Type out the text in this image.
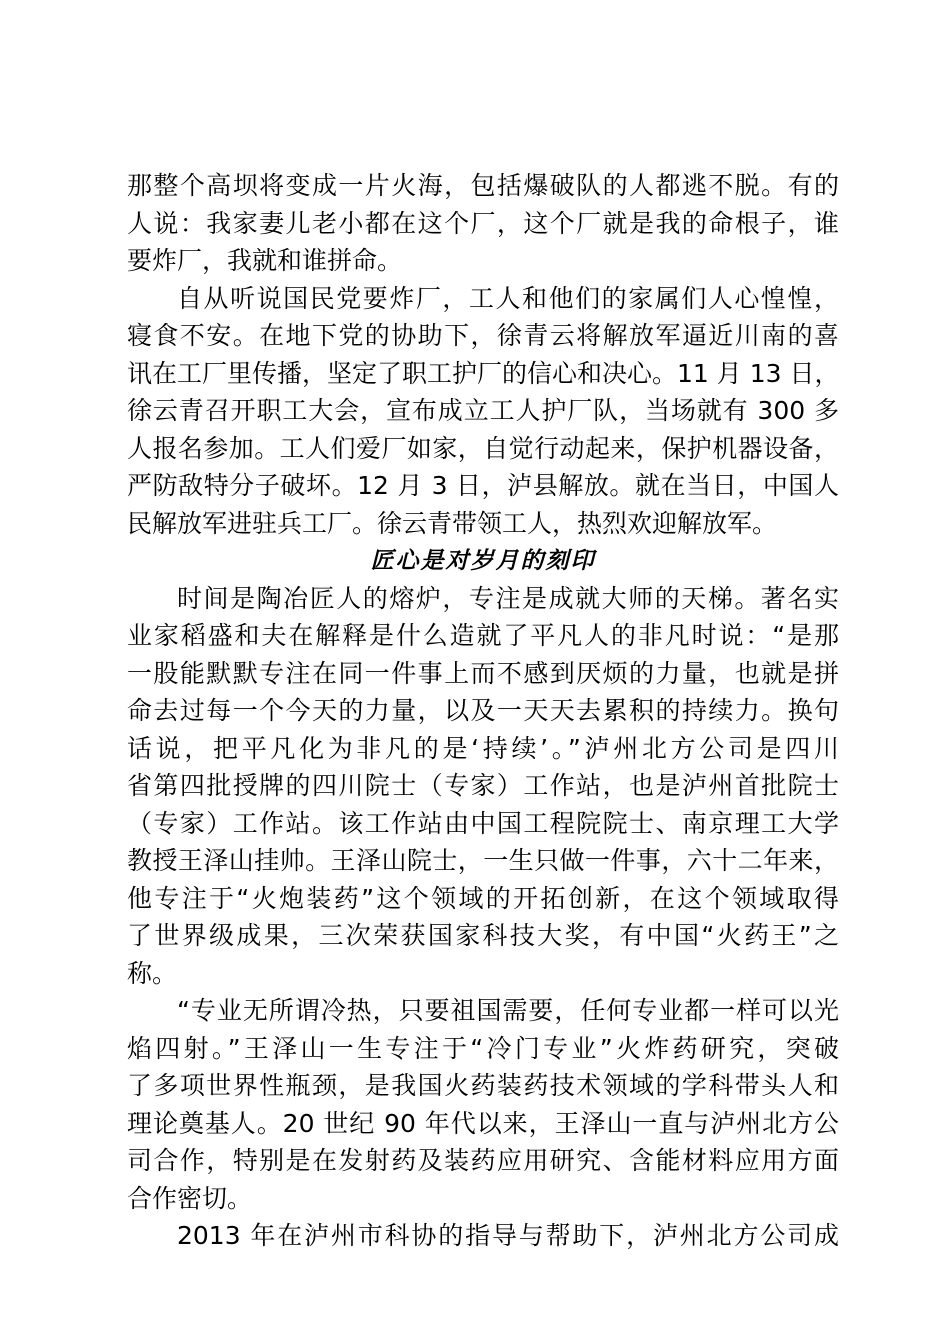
那整个高坝将变成一片火海，包括爆破队的人都逃不脱。有的
人说：我家妻儿老小都在这个厂，这个厂就是我的命根子，谁
要炸厂，我就和谁拼命。
自从听说国民党要炸厂，工人和他们的家属们人心惶惶，
寝食不安。在地下党的协助下，徐青云将解放军逼近川南的喜
讯在工厂里传播，坚定了职工护厂的信心和决心。11 月 13 日，
徐云青召开职工大会，宣布成立工人护厂队，当场就有 300 多
人报名参加。工人们爱厂如家，自觉行动起来，保护机器设备，
严防敌特分子破坏。12 月 3 日，泸县解放。就在当日，中国人
民解放军进驻兵工厂。徐云青带领工人，热烈欢迎解放军。
匠心是对岁月的刻印
时间是陶冶匠人的熔炉，专注是成就大师的天梯。著名实
业家稻盛和夫在解释是什么造就了平凡人的非凡时说：“是那
一股能默默专注在同一件事上而不感到厌烦的力量，也就是拼
命去过每一个今天的力量，以及一天天去累积的持续力。换句
话说，把平凡化为非凡的是‘持续’。”泸州北方公司是四川
省第四批授牌的四川院士（专家）工作站，也是泸州首批院士
（专家）工作站。该工作站由中国工程院院士、南京理工大学
教授王泽山挂帅。王泽山院士，一生只做一件事，六十二年来，
他专注于“火炮装药”这个领域的开拓创新，在这个领域取得
了世界级成果，三次荣获国家科技大奖，有中国“火药王”之
称。
“专业无所谓冷热，只要祖国需要，任何专业都一样可以光
焰四射。”王泽山一生专注于“冷门专业”火炸药研究，突破
了多项世界性瓶颈，是我国火药装药技术领域的学科带头人和
理论奠基人。20 世纪 90 年代以来，王泽山一直与泸州北方公
司合作，特别是在发射药及装药应用研究、含能材料应用方面
合作密切。
2013 年在泸州市科协的指导与帮助下，泸州北方公司成
